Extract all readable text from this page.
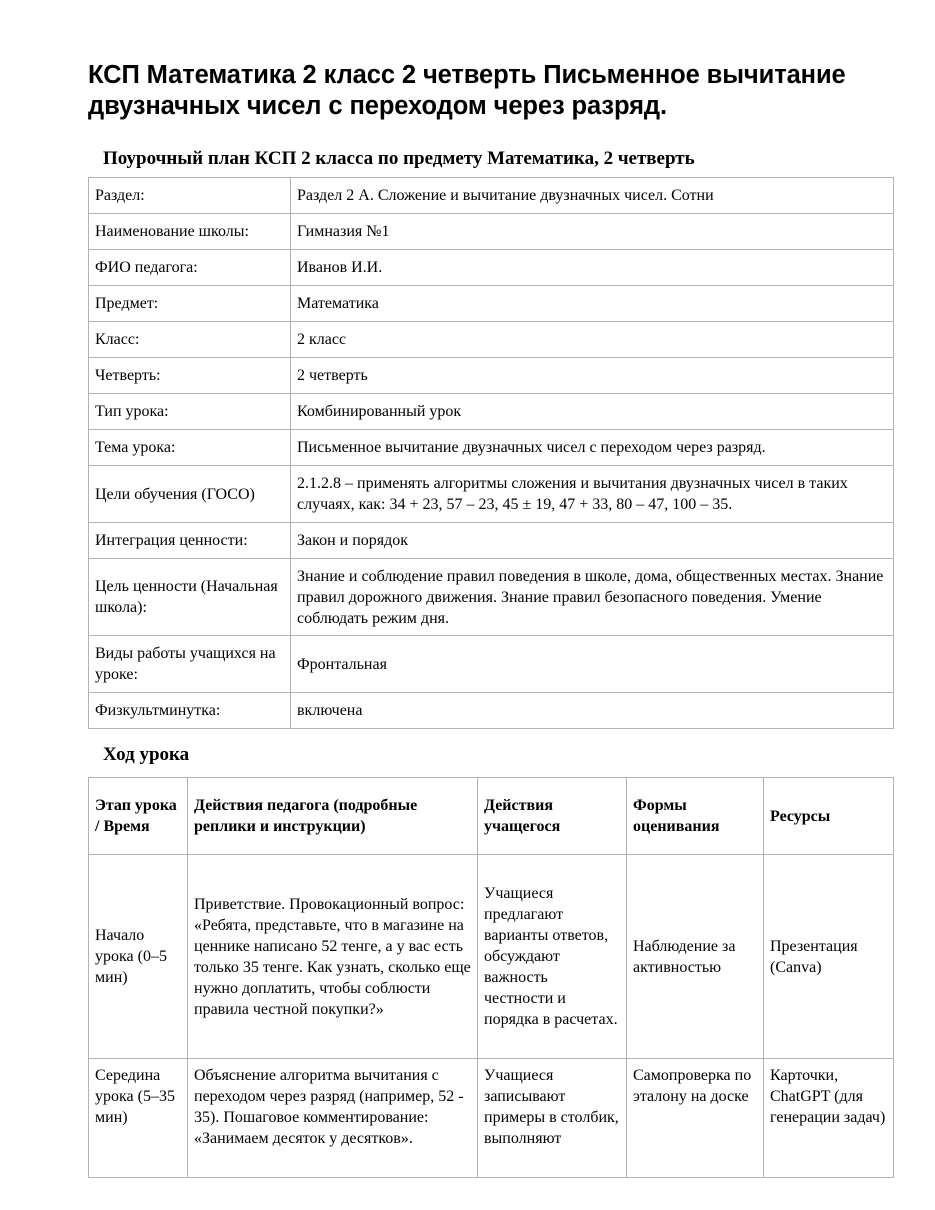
КСП Математика 2 класс 2 четверть Письменное вычитание двузначных чисел с переходом через разряд.
Поурочный план КСП 2 класса по предмету Математика, 2 четверть
Раздел:	Раздел 2 А. Сложение и вычитание двузначных чисел. Сотни
Наименование школы:	Гимназия №1
ФИО педагога:	Иванов И.И.
Предмет:	Математика
Класс:	2 класс
Четверть:	2 четверть
Тип урока:	Комбинированный урок
Тема урока:	Письменное вычитание двузначных чисел с переходом через разряд.
Цели обучения (ГОСО)	2.1.2.8 – применять алгоритмы сложения и вычитания двузначных чисел в таких случаях, как: 34 + 23, 57 – 23, 45 ± 19, 47 + 33, 80 – 47, 100 – 35.
Интеграция ценности:	Закон и порядок
Цель ценности (Начальная школа):	Знание и соблюдение правил поведения в школе, дома, общественных местах. Знание правил дорожного движения. Знание правил безопасного поведения. Умение соблюдать режим дня.
Виды работы учащихся на уроке:	Фронтальная
Физкультминутка:	включена
Ход урока
Этап урока / Время	Действия педагога (подробные реплики и инструкции)	Действия учащегося	Формы оценивания	Ресурсы
Начало урока (0–5 мин)	Приветствие. Провокационный вопрос: «Ребята, представьте, что в магазине на ценнике написано 52 тенге, а у вас есть только 35 тенге. Как узнать, сколько еще нужно доплатить, чтобы соблюсти правила честной покупки?»	Учащиеся предлагают варианты ответов, обсуждают важность честности и порядка в расчетах.	Наблюдение за активностью	Презентация (Canva)
Середина урока (5–35 мин)	Объяснение алгоритма вычитания с переходом через разряд (например, 52 - 35). Пошаговое комментирование: «Занимаем десяток у десятков».	Учащиеся записывают примеры в столбик, выполняют	Самопроверка по эталону на доске	Карточки, ChatGPT (для генерации задач)
